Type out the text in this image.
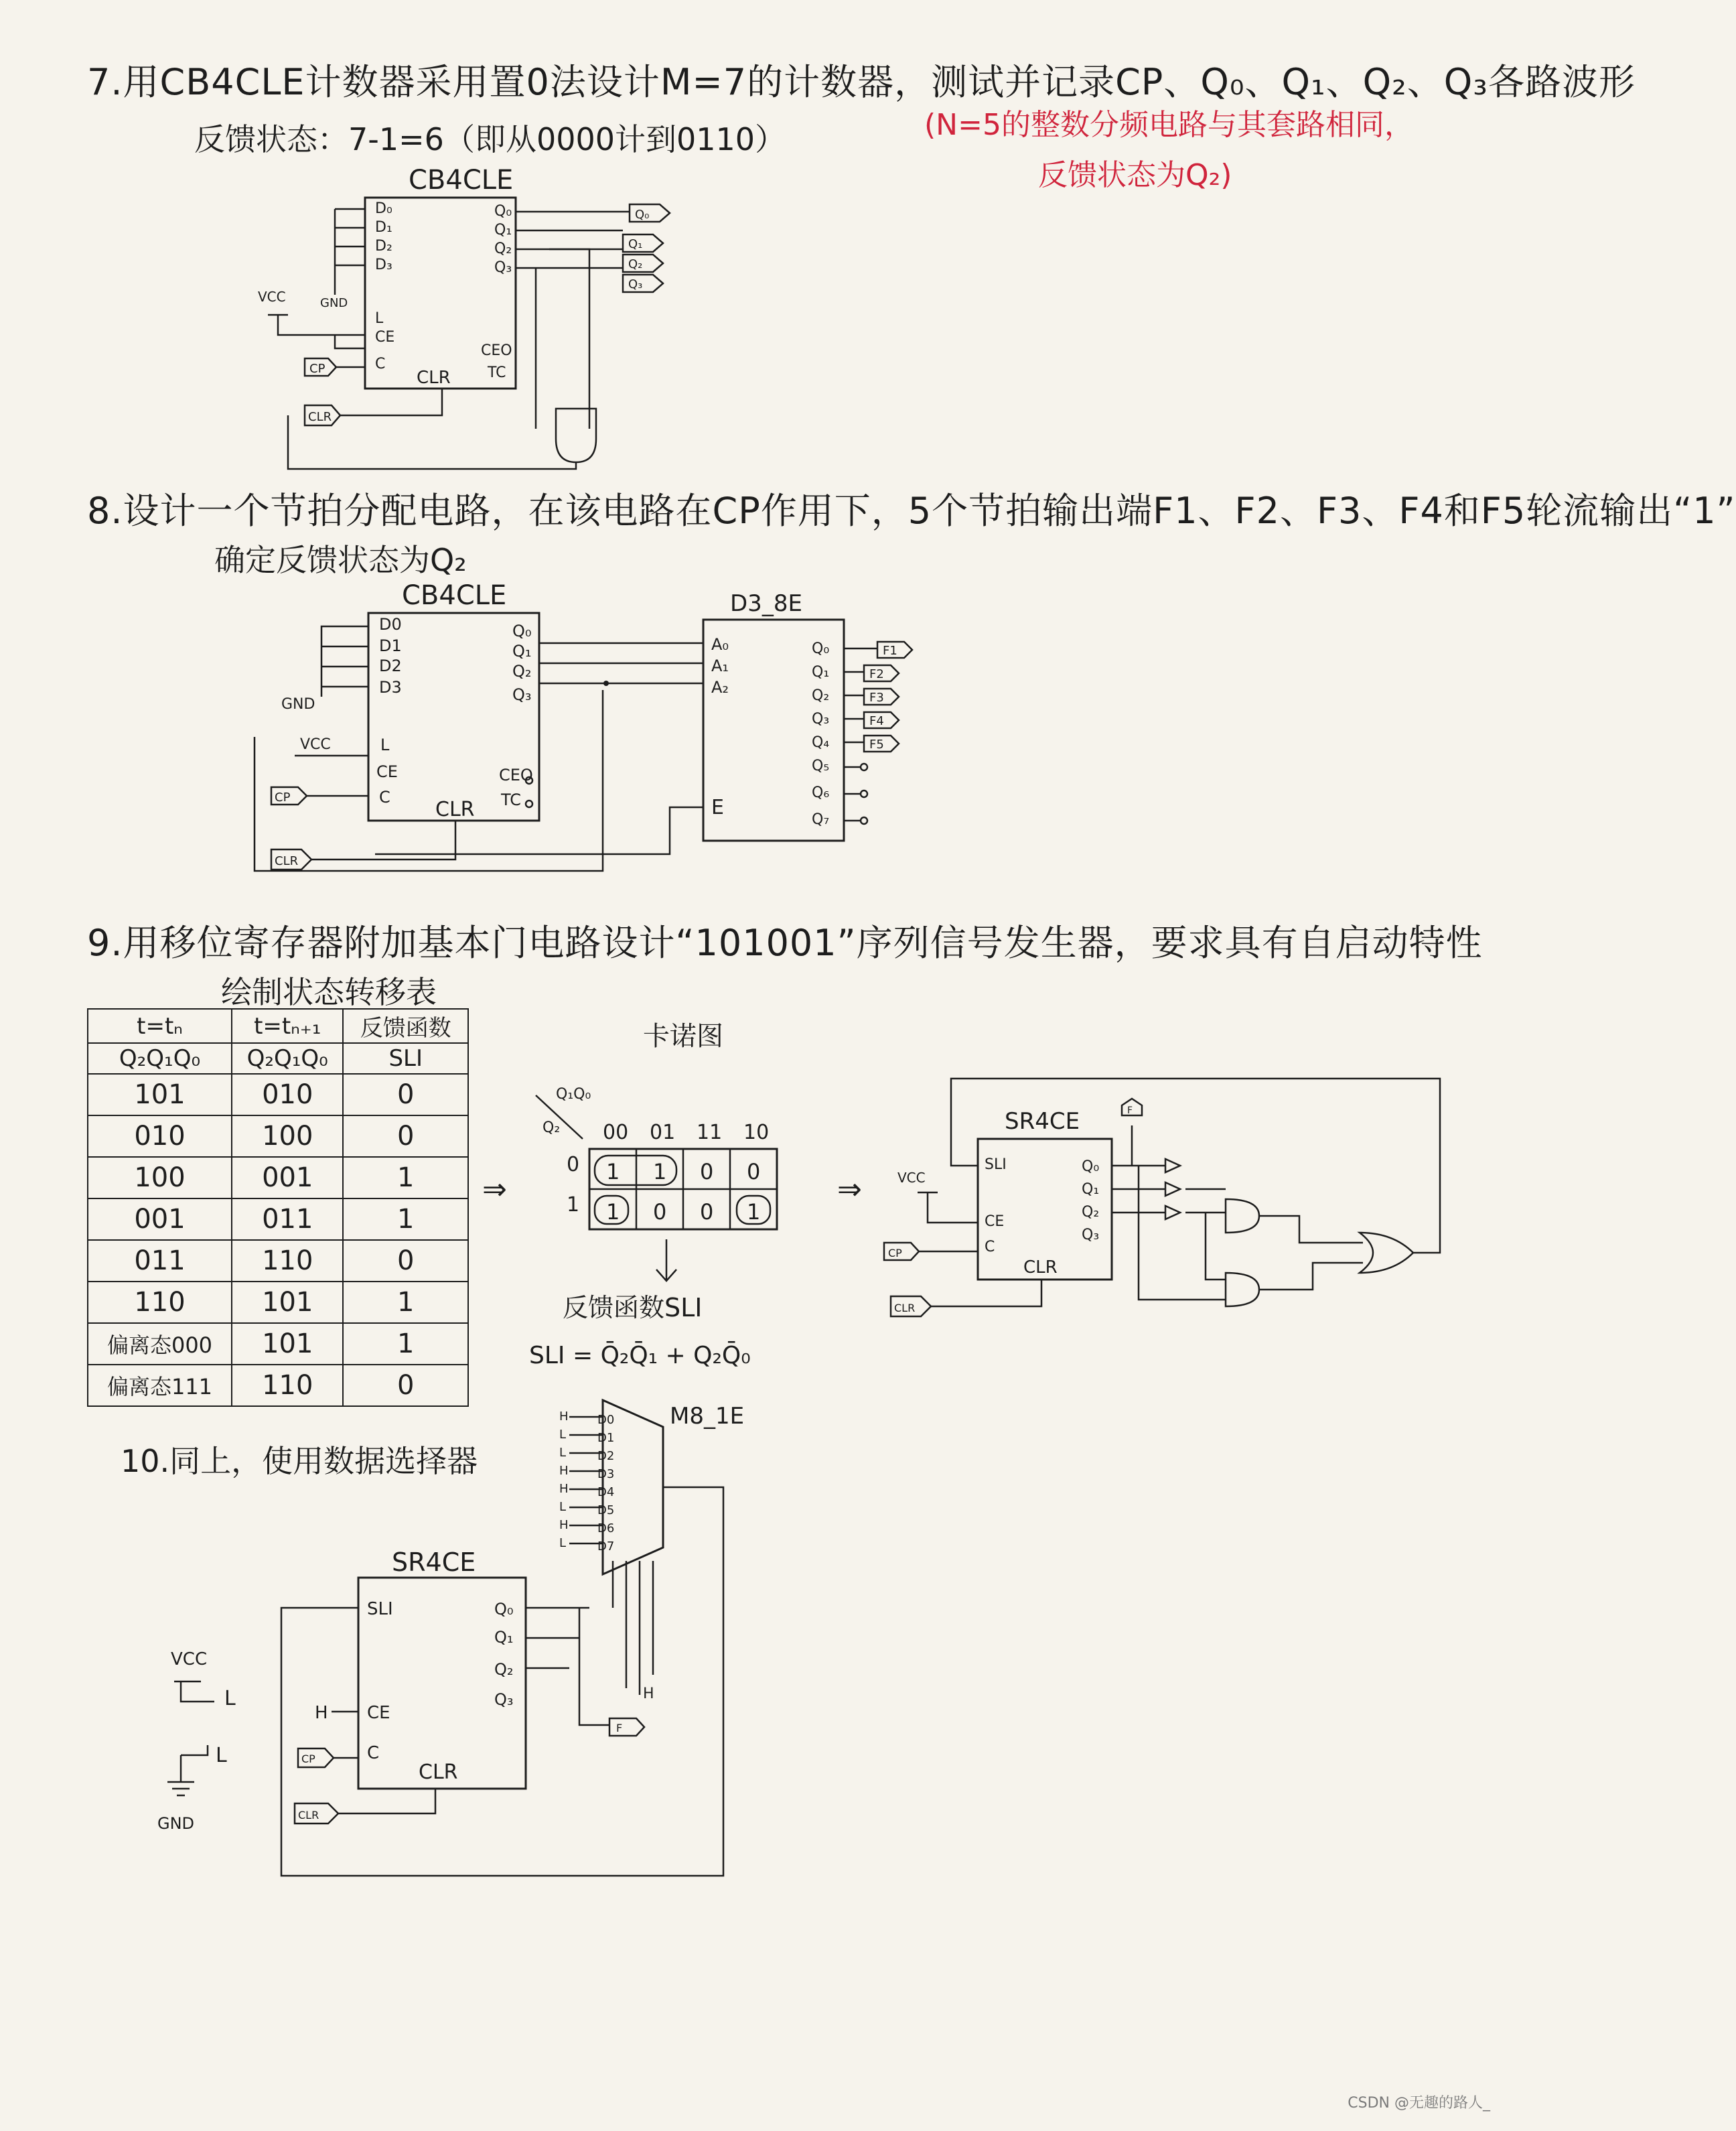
7.用CB4CLE计数器采用置0法设计M=7的计数器，测试并记录CP、Q₀、Q₁、Q₂、Q₃各路波形
反馈状态：7-1=6（即从0000计到0110）	(N=5的整数分频电路与其套路相同，
反馈状态为Q₂)
CB4CLE
D₀
D₁
D₂
D₃
L
CE
C
Q₀
Q₁
Q₂
Q₃
CEO
TC
CLR
GND
VCC
CP
CLR
Q₀
Q₁
Q₂
Q₃
CB4CLE
D0
D1
D2
D3
L
CE
C
Q₀
Q₁
Q₂
Q₃
CEO
TC
CLR
GND
VCC
CP
CLR
D3_8E
A₀
A₁
A₂
E
Q₀
Q₁
Q₂
Q₃
Q₄
Q₅
Q₆
Q₇
F1
F2
F3
F4
F5
卡诺图
Q₂
Q₁Q₀
00 01 11 10
0
1
1 1 0 0
1 0 0 1
⇒	⇒
反馈函数SLI
SLI = Q̄₂Q̄₁ + Q₂Q̄₀
SR4CE
SLI
CE
C
Q₀
Q₁
Q₂
Q₃
CLR
VCC
CP
CLR
F
M8_1E
D0
D1
D2
D3
D4
D5
D6
D7
H
L
L
H
H
L
H
L
SR4CE
SLI
CE
C
Q₀
Q₁
Q₂
Q₃
CLR
F
H
H
CP
CLR
VCC
L
L
GND
8.设计一个节拍分配电路，在该电路在CP作用下，5个节拍输出端F1、F2、F3、F4和F5轮流输出“1”
确定反馈状态为Q₂
9.用移位寄存器附加基本门电路设计“101001”序列信号发生器，要求具有自启动特性
绘制状态转移表
t=tₙ	t=tₙ₊₁	反馈函数
Q₂Q₁Q₀	Q₂Q₁Q₀	SLI
101	010	0
010	100	0
100	001	1
001	011	1
011	110	0
110	101	1
偏离态000	101	1
偏离态111	110	0
10.同上，使用数据选择器
CSDN @无趣的路人_
